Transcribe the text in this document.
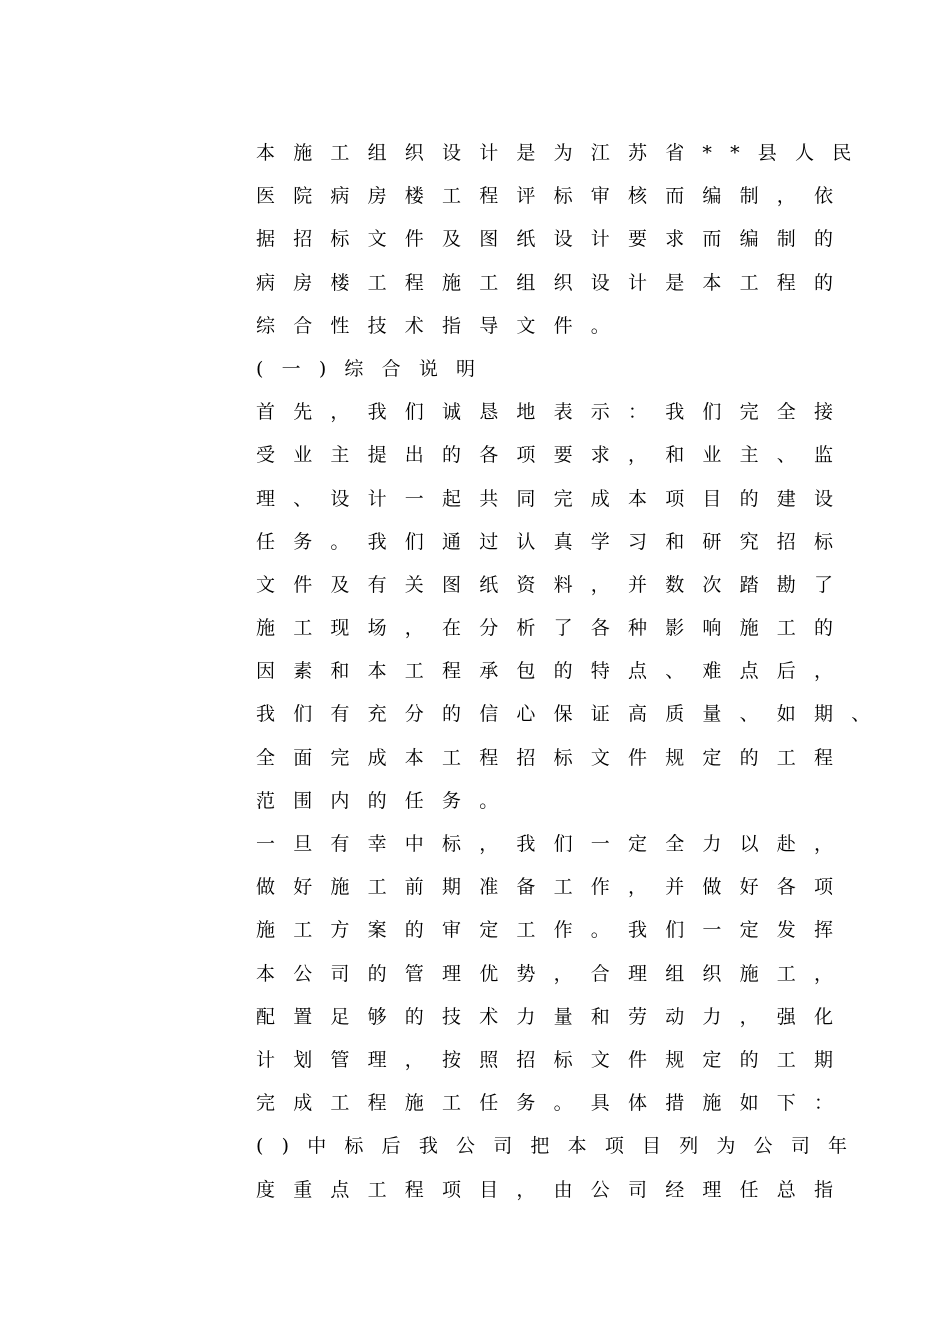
本施工组织设计是为江苏省**县人民
医院病房楼工程评标审核而编制，依
据招标文件及图纸设计要求而编制的
病房楼工程施工组织设计是本工程的
综合性技术指导文件。
(一)综合说明
首先，我们诚恳地表示：我们完全接
受业主提出的各项要求，和业主、监
理、设计一起共同完成本项目的建设
任务。我们通过认真学习和研究招标
文件及有关图纸资料，并数次踏勘了
施工现场，在分析了各种影响施工的
因素和本工程承包的特点、难点后，
我们有充分的信心保证高质量、如期、
全面完成本工程招标文件规定的工程
范围内的任务。
一旦有幸中标，我们一定全力以赴，
做好施工前期准备工作，并做好各项
施工方案的审定工作。我们一定发挥
本公司的管理优势，合理组织施工，
配置足够的技术力量和劳动力，强化
计划管理，按照招标文件规定的工期
完成工程施工任务。具体措施如下：
()中标后我公司把本项目列为公司年
度重点工程项目，由公司经理任总指
